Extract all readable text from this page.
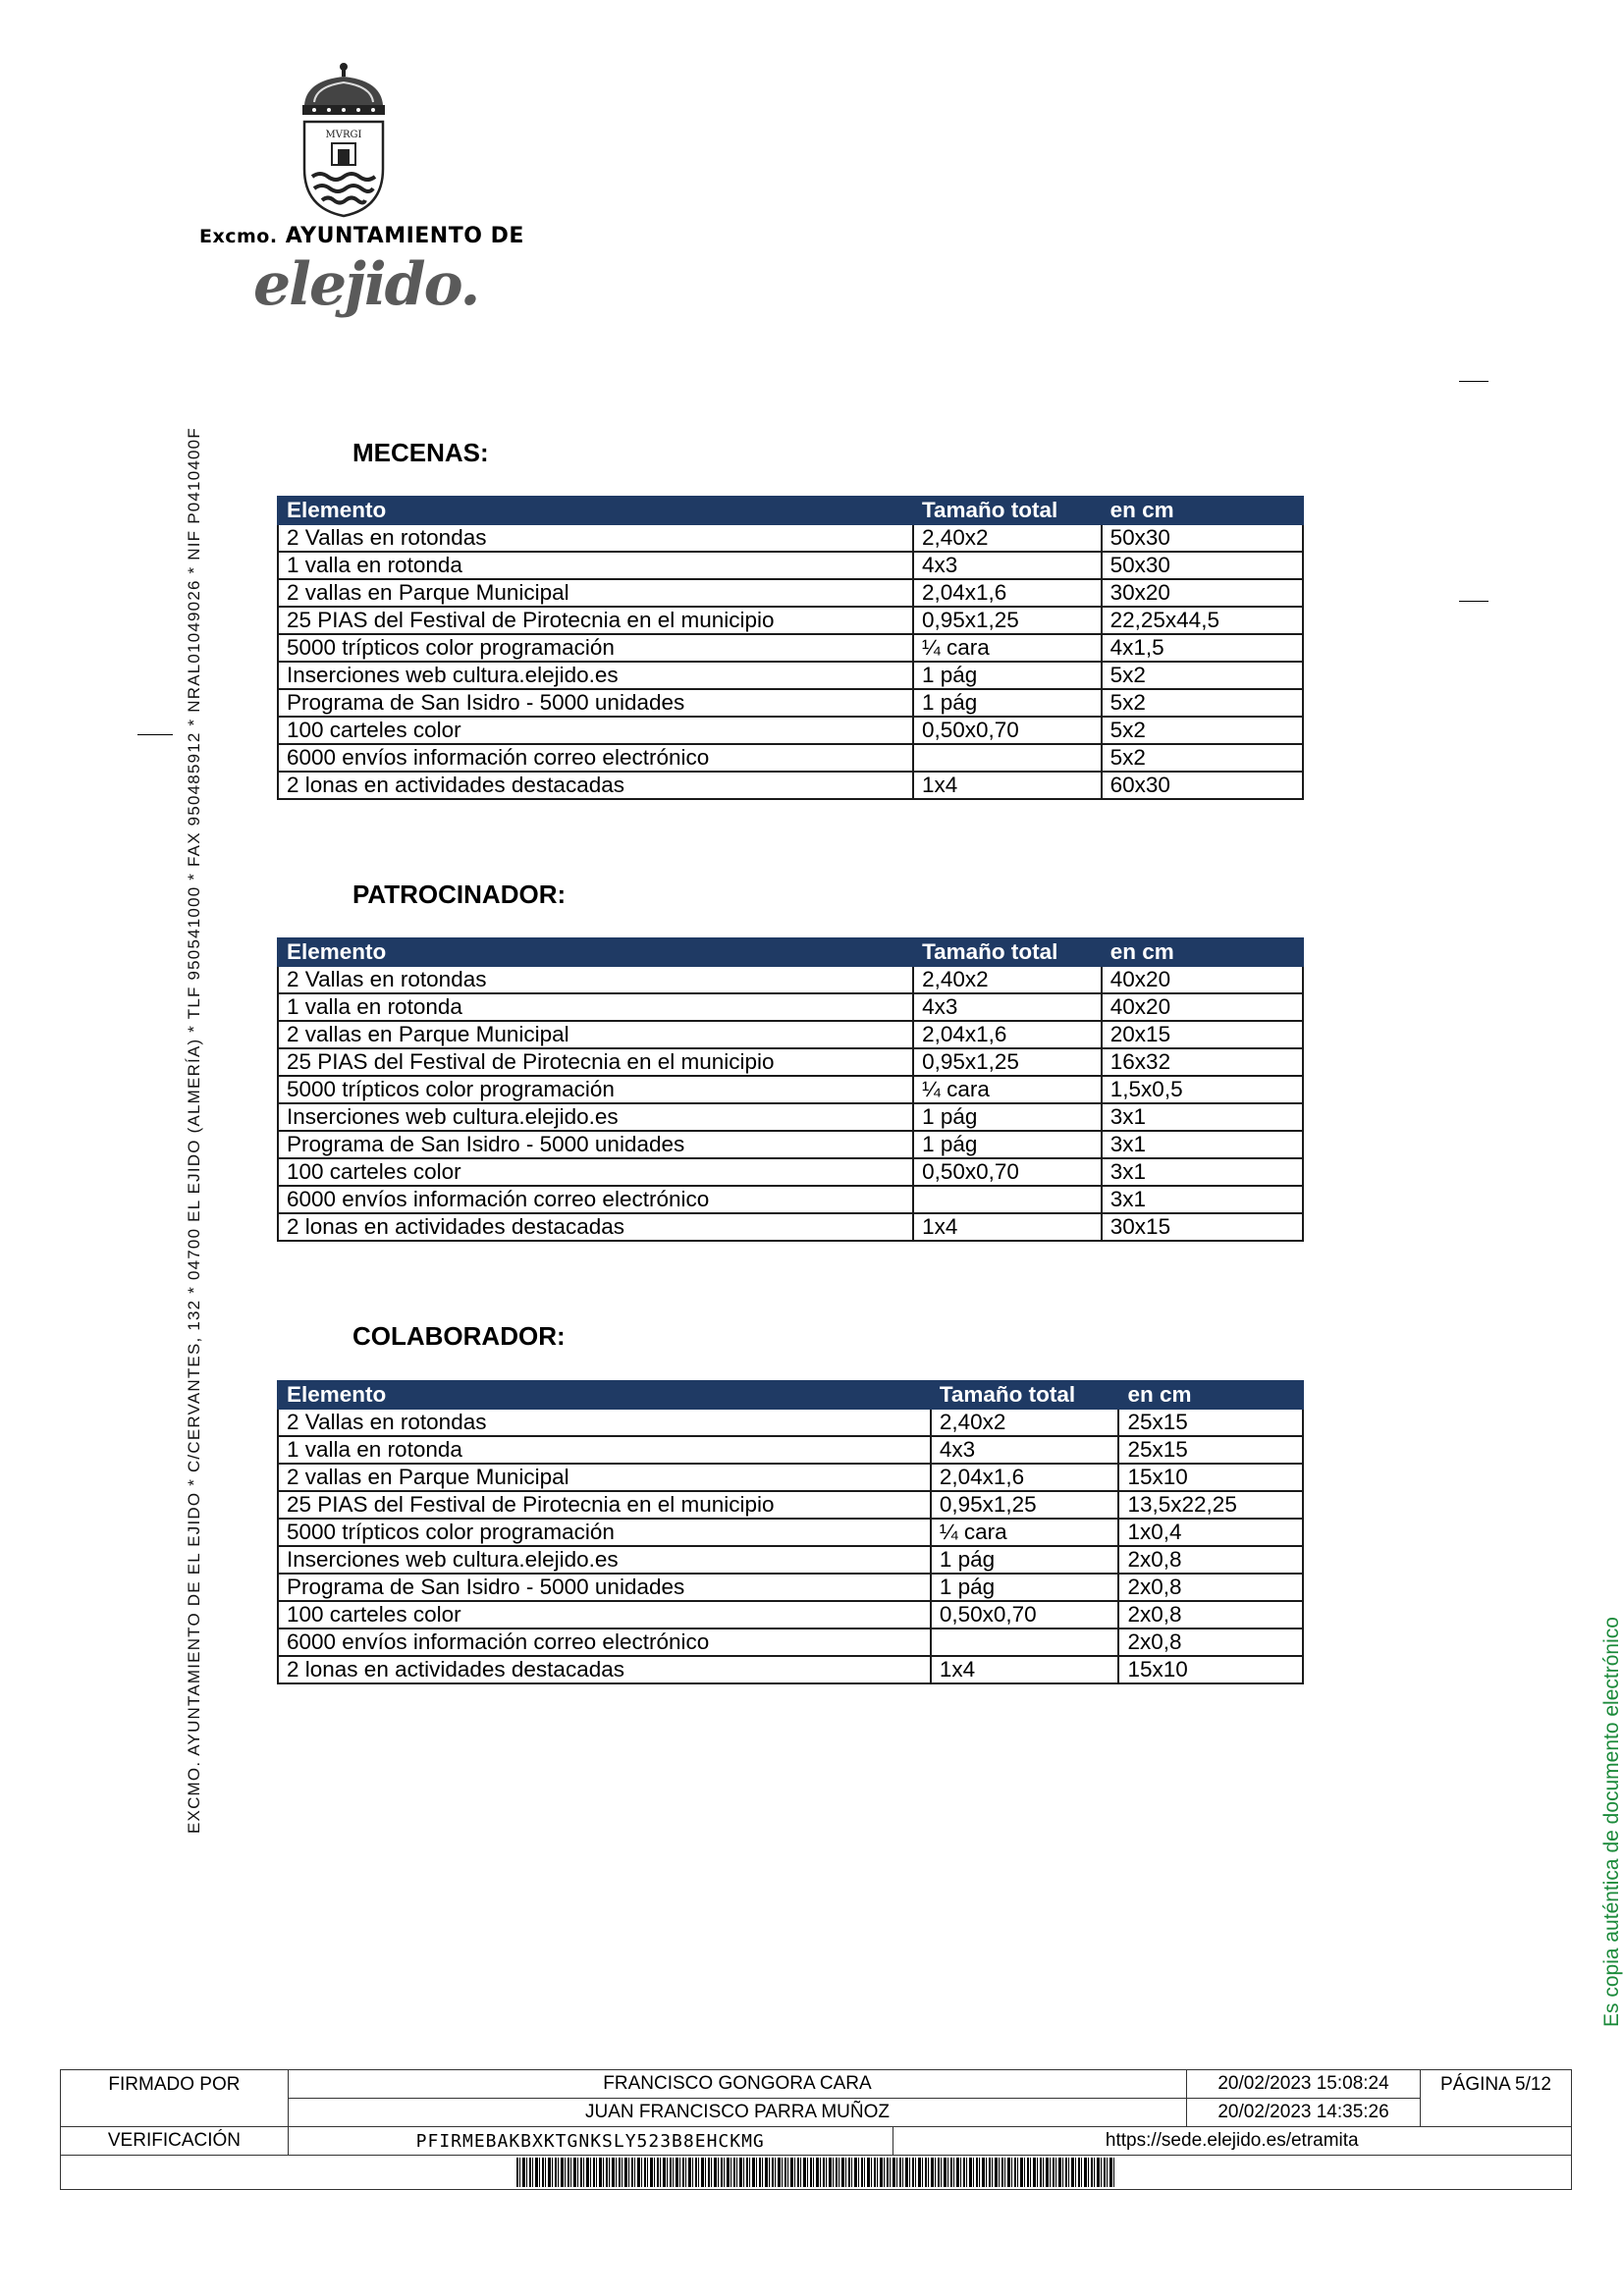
MVRGI
Excmo. AYUNTAMIENTO DE
elejido.
EXCMO. AYUNTAMIENTO DE EL EJIDO * C/CERVANTES, 132 * 04700 EL EJIDO (ALMERÍA) * TLF 950541000 * FAX 950485912 * NRAL01049026 * NIF P0410400F	Es copia auténtica de documento electrónico
MECENAS:
Elemento	Tamaño total	en cm
2 Vallas en rotondas	2,40x2	50x30
1 valla en rotonda	4x3	50x30
2 vallas en Parque Municipal	2,04x1,6	30x20
25 PIAS del Festival de Pirotecnia en el municipio	0,95x1,25	22,25x44,5
5000 trípticos color programación	¼ cara	4x1,5
Inserciones web cultura.elejido.es	1 pág	5x2
Programa de San Isidro - 5000 unidades	1 pág	5x2
100 carteles color	0,50x0,70	5x2
6000 envíos información correo electrónico		5x2
2 lonas en actividades destacadas	1x4	60x30
PATROCINADOR:
Elemento	Tamaño total	en cm
2 Vallas en rotondas	2,40x2	40x20
1 valla en rotonda	4x3	40x20
2 vallas en Parque Municipal	2,04x1,6	20x15
25 PIAS del Festival de Pirotecnia en el municipio	0,95x1,25	16x32
5000 trípticos color programación	¼ cara	1,5x0,5
Inserciones web cultura.elejido.es	1 pág	3x1
Programa de San Isidro - 5000 unidades	1 pág	3x1
100 carteles color	0,50x0,70	3x1
6000 envíos información correo electrónico		3x1
2 lonas en actividades destacadas	1x4	30x15
COLABORADOR:
Elemento	Tamaño total	en cm
2 Vallas en rotondas	2,40x2	25x15
1 valla en rotonda	4x3	25x15
2 vallas en Parque Municipal	2,04x1,6	15x10
25 PIAS del Festival de Pirotecnia en el municipio	0,95x1,25	13,5x22,25
5000 trípticos color programación	¼ cara	1x0,4
Inserciones web cultura.elejido.es	1 pág	2x0,8
Programa de San Isidro - 5000 unidades	1 pág	2x0,8
100 carteles color	0,50x0,70	2x0,8
6000 envíos información correo electrónico		2x0,8
2 lonas en actividades destacadas	1x4	15x10
FIRMADO POR	FRANCISCO GONGORA CARA		20/02/2023 15:08:24	PÁGINA 5/12
	JUAN FRANCISCO PARRA MUÑOZ		20/02/2023 14:35:26	
VERIFICACIÓN	PFIRMEBAKBXKTGNKSLY523B8EHCKMG	https://sede.elejido.es/etramita		
